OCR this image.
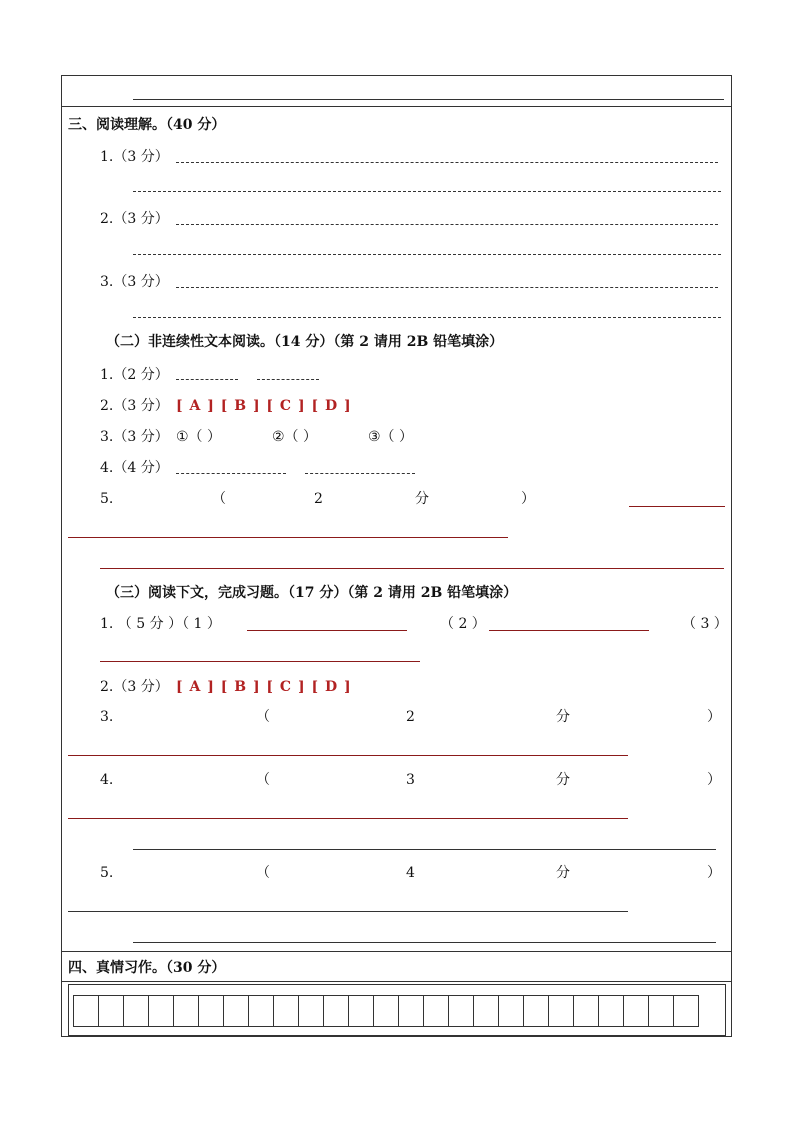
三、阅读理解。（40 分）
1.（3 分）
2.（3 分）
3.（3 分）
（二）非连续性文本阅读。（14 分）（第 2 请用 2B 铅笔填涂）
1.（2 分）
2.（3 分） [ A ] [ B ] [ C ] [ D ]
3.（3 分） ①（ ）	②（ ）	③（ ）
4.（4 分）
5.	（	2	分	）
（三）阅读下文，完成习题。（17 分）（第 2 请用 2B 铅笔填涂）
1. （ 5 分 ）（ 1 ）	（ 2 ）	（ 3 ）
2.（3 分） [ A ] [ B ] [ C ] [ D ]
3.	（	2	分	）
4.	（	3	分	）
5.	（	4	分	）
四、真情习作。（30 分）
